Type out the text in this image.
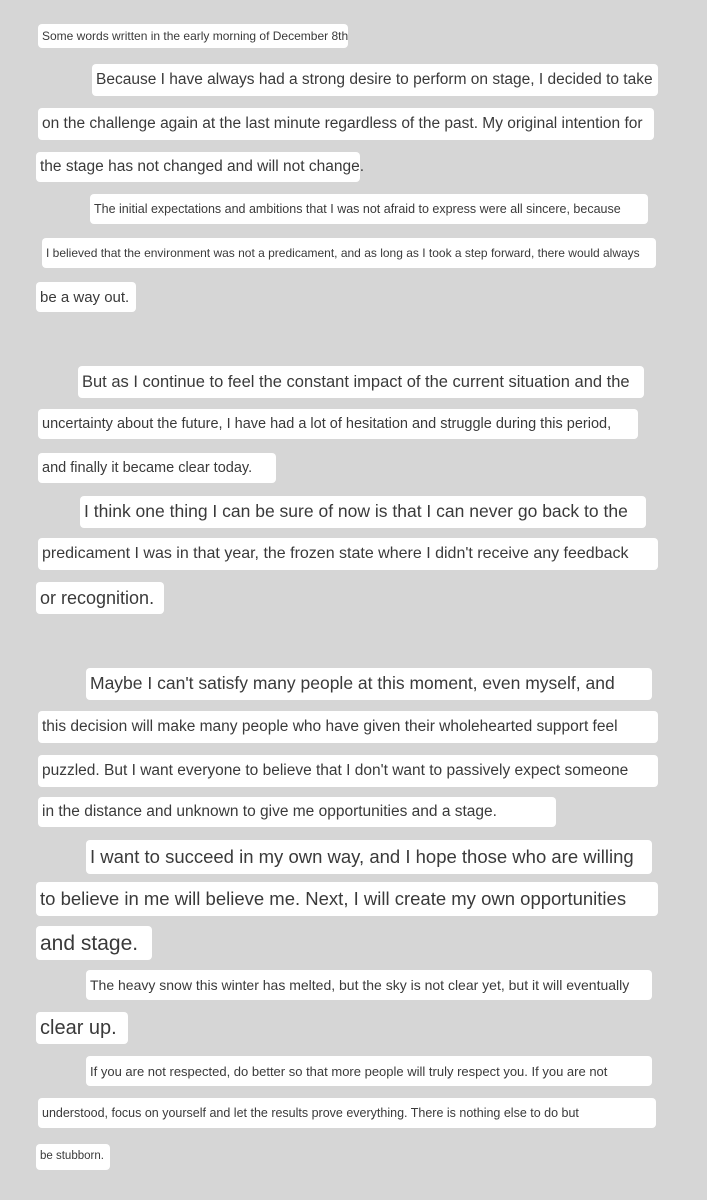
Some words written in the early morning of December 8th
Because I have always had a strong desire to perform on stage, I decided to take
on the challenge again at the last minute regardless of the past. My original intention for
the stage has not changed and will not change.
The initial expectations and ambitions that I was not afraid to express were all sincere, because
I believed that the environment was not a predicament, and as long as I took a step forward, there would always
be a way out.
But as I continue to feel the constant impact of the current situation and the
uncertainty about the future, I have had a lot of hesitation and struggle during this period,
and finally it became clear today.
I think one thing I can be sure of now is that I can never go back to the
predicament I was in that year, the frozen state where I didn't receive any feedback
or recognition.
Maybe I can't satisfy many people at this moment, even myself, and
this decision will make many people who have given their wholehearted support feel
puzzled. But I want everyone to believe that I don't want to passively expect someone
in the distance and unknown to give me opportunities and a stage.
I want to succeed in my own way, and I hope those who are willing
to believe in me will believe me. Next, I will create my own opportunities
and stage.
The heavy snow this winter has melted, but the sky is not clear yet, but it will eventually
clear up.
If you are not respected, do better so that more people will truly respect you. If you are not
understood, focus on yourself and let the results prove everything. There is nothing else to do but
be stubborn.
